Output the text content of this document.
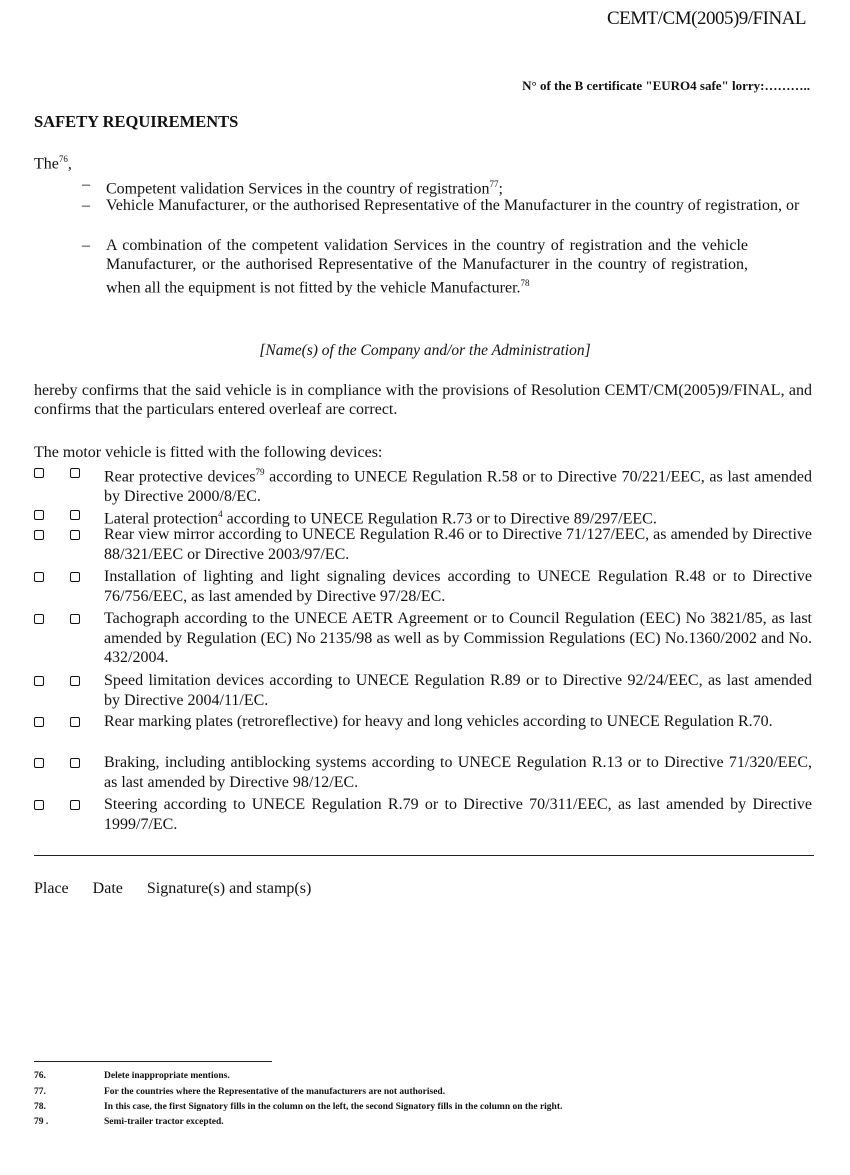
CEMT/CM(2005)9/FINAL
N° of the B certificate "EURO4 safe" lorry:………..
SAFETY REQUIREMENTS
The$^{76}$,
– Competent validation Services in the country of registration$^{77}$;
– Vehicle Manufacturer, or the authorised Representative of the Manufacturer in the country of registration, or
– A combination of the competent validation Services in the country of registration and the vehicle Manufacturer, or the authorised Representative of the Manufacturer in the country of registration, when all the equipment is not fitted by the vehicle Manufacturer.$^{78}$
[Name(s) of the Company and/or the Administration]
hereby confirms that the said vehicle is in compliance with the provisions of Resolution CEMT/CM(2005)9/FINAL, and confirms that the particulars entered overleaf are correct.
The motor vehicle is fitted with the following devices:
Rear protective devices$^{79}$ according to UNECE Regulation R.58 or to Directive 70/221/EEC, as last amended by Directive 2000/8/EC.
Lateral protection$^4$ according to UNECE Regulation R.73 or to Directive 89/297/EEC.
Rear view mirror according to UNECE Regulation R.46 or to Directive 71/127/EEC, as amended by Directive 88/321/EEC or Directive 2003/97/EC.
Installation of lighting and light signaling devices according to UNECE Regulation R.48 or to Directive 76/756/EEC, as last amended by Directive 97/28/EC.
Tachograph according to the UNECE AETR Agreement or to Council Regulation (EEC) No 3821/85, as last amended by Regulation (EC) No 2135/98 as well as by Commission Regulations (EC) No.1360/2002 and No. 432/2004.
Speed limitation devices according to UNECE Regulation R.89 or to Directive 92/24/EEC, as last amended by Directive 2004/11/EC.
Rear marking plates (retroreflective) for heavy and long vehicles according to UNECE Regulation R.70.
Braking, including antiblocking systems according to UNECE Regulation R.13 or to Directive 71/320/EEC, as last amended by Directive 98/12/EC.
Steering according to UNECE Regulation R.79 or to Directive 70/311/EEC, as last amended by Directive 1999/7/EC.
Place Date Signature(s) and stamp(s)
76.	Delete inappropriate mentions.
77.	For the countries where the Representative of the manufacturers are not authorised.
78.	In this case, the first Signatory fills in the column on the left, the second Signatory fills in the column on the right.
79 .	Semi-trailer tractor excepted.
